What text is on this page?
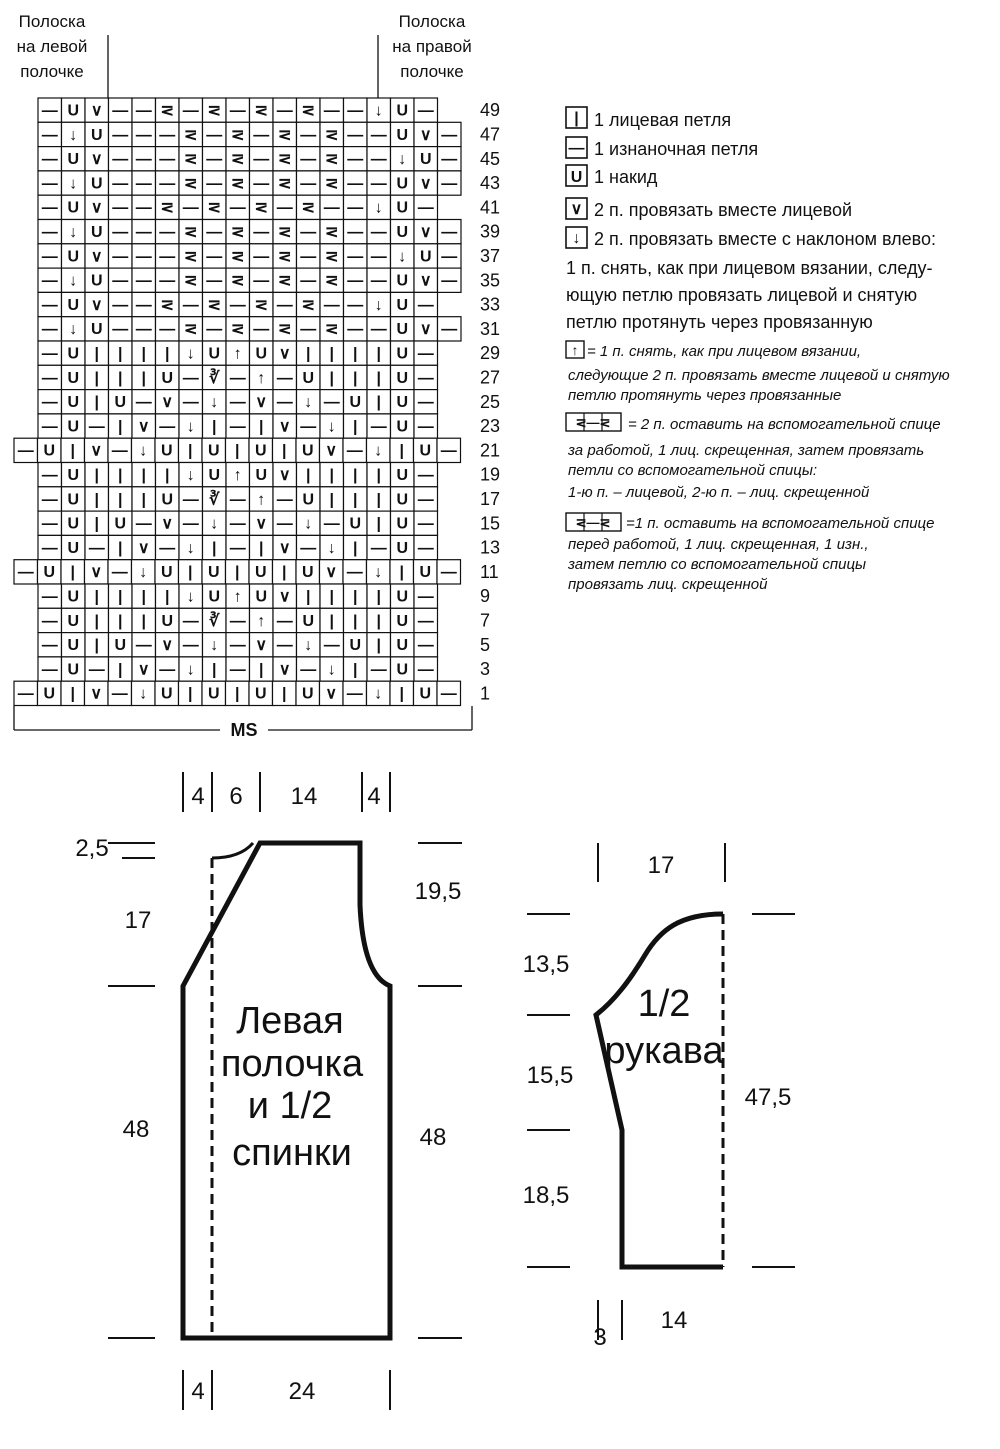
Полоска
на левой
полочке
Полоска
на правой
полочке
— U ∨ — — ⋜ — ⋜ — ⋜ — ⋜ — — ↓ U —
— ↓ U — — — ⋜ — ⋜ — ⋜ — ⋜ — — U ∨ —
— U ∨ — — — ⋜ — ⋜ — ⋜ — ⋜ — — ↓ U —
— ↓ U — — — ⋜ — ⋜ — ⋜ — ⋜ — — U ∨ —
— U ∨ — — ⋜ — ⋜ — ⋜ — ⋜ — — ↓ U —
— ↓ U — — — ⋜ — ⋜ — ⋜ — ⋜ — — U ∨ —
— U ∨ — — — ⋜ — ⋜ — ⋜ — ⋜ — — ↓ U —
— ↓ U — — — ⋜ — ⋜ — ⋜ — ⋜ — — U ∨ —
— U ∨ — — ⋜ — ⋜ — ⋜ — ⋜ — — ↓ U —
— ↓ U — — — ⋜ — ⋜ — ⋜ — ⋜ — — U ∨ —
— U | | | | ↓ U ↑ U ∨ | | | | U —
— U | | | U — ∛ — ↑ — U | | | U —
— U | U — ∨ — ↓ — ∨ — ↓ — U | U —
— U — | ∨ — ↓ | — | ∨ — ↓ | — U —
— U | ∨ — ↓ U | U | U | U ∨ — ↓ | U —
— U | | | | ↓ U ↑ U ∨ | | | | U —
— U | | | U — ∛ — ↑ — U | | | U —
— U | U — ∨ — ↓ — ∨ — ↓ — U | U —
— U — | ∨ — ↓ | — | ∨ — ↓ | — U —
— U | ∨ — ↓ U | U | U | U ∨ — ↓ | U —
— U | | | | ↓ U ↑ U ∨ | | | | U —
— U | | | U — ∛ — ↑ — U | | | U —
— U | U — ∨ — ↓ — ∨ — ↓ — U | U —
— U — | ∨ — ↓ | — | ∨ — ↓ | — U —
— U | ∨ — ↓ U | U | U | U ∨ — ↓ | U —
49
47
45
43
41
39
37
35
33
31
29
27
25
23
21
19
17
15
13
11
9
7
5
3
1
MS
| 1 лицевая петля
— 1 изнаночная петля
U 1 накид
∨ 2 п. провязать вместе лицевой
↓ 2 п. провязать вместе с наклоном влево:
1 п. снять, как при лицевом вязании, следу-
ющую петлю провязать лицевой и снятую
петлю протянуть через провязанную
↑ = 1 п. снять, как при лицевом вязании,
следующие 2 п. провязать вместе лицевой и снятую
петлю протянуть через провязанные
⋜—⋜ = 2 п. оставить на вспомогательной спице
за работой, 1 лиц. скрещенная, затем провязать
петли со вспомогательной спицы:
1-ю п. – лицевой, 2-ю п. – лиц. скрещенной
⋜—⋜ =1 п. оставить на вспомогательной спице
перед работой, 1 лиц. скрещенная, 1 изн.,
затем петлю со вспомогательной спицы
провязать лиц. скрещенной
4 6 14 4
2,5
17
48
19,5
48
Левая
полочка
и 1/2
спинки
4	24
17
13,5
15,5
18,5
47,5
1/2
рукава
3
14
